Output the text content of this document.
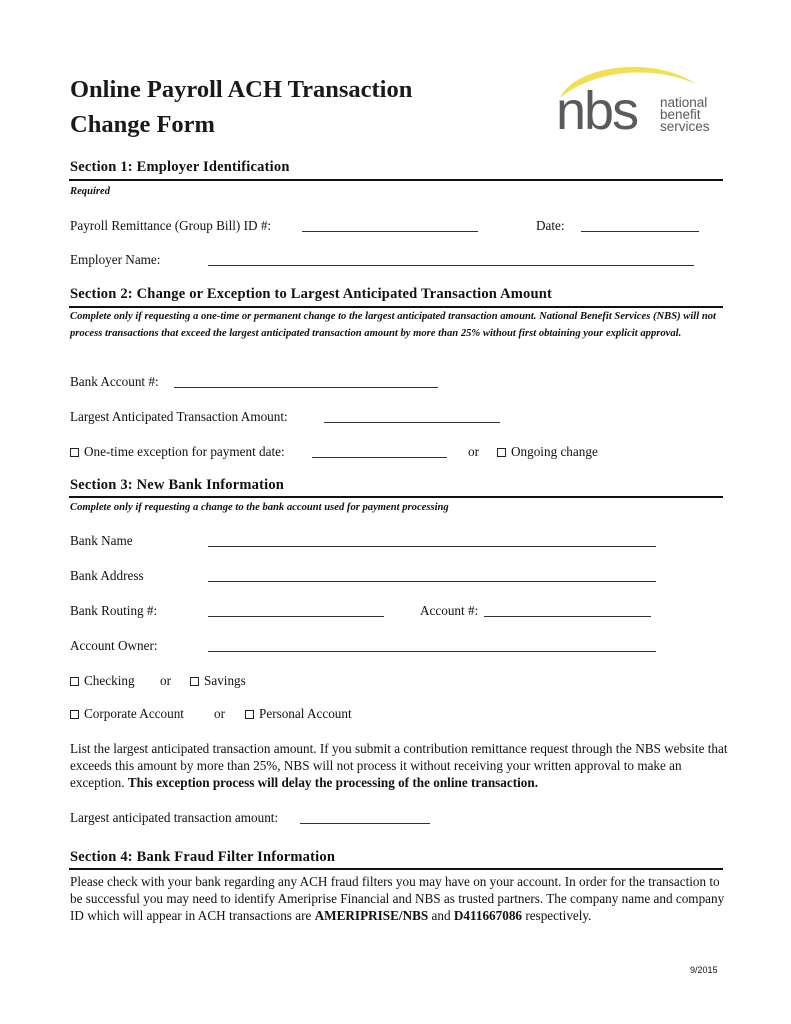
Online Payroll ACH Transaction
Change Form	nbs national
benefit
services
Section 1: Employer Identification
Required
Payroll Remittance (Group Bill) ID #:	Date:
Employer Name:
Section 2: Change or Exception to Largest Anticipated Transaction Amount
Complete only if requesting a one-time or permanent change to the largest anticipated transaction amount. National Benefit Services (NBS) will not process transactions that exceed the largest anticipated transaction amount by more than 25% without first obtaining your explicit approval.
Bank Account #:
Largest Anticipated Transaction Amount:
One-time exception for payment date:	or	Ongoing change
Section 3: New Bank Information
Complete only if requesting a change to the bank account used for payment processing
Bank Name
Bank Address
Bank Routing #:	Account #:
Account Owner:
Checking or	Savings
Corporate Account or	Personal Account
List the largest anticipated transaction amount. If you submit a contribution remittance request through the NBS website that exceeds this amount by more than 25%, NBS will not process it without receiving your written approval to make an exception. This exception process will delay the processing of the online transaction.
Largest anticipated transaction amount:
Section 4: Bank Fraud Filter Information
Please check with your bank regarding any ACH fraud filters you may have on your account. In order for the transaction to be successful you may need to identify Ameriprise Financial and NBS as trusted partners. The company name and company ID which will appear in ACH transactions are AMERIPRISE/NBS and D411667086 respectively.
9/2015
